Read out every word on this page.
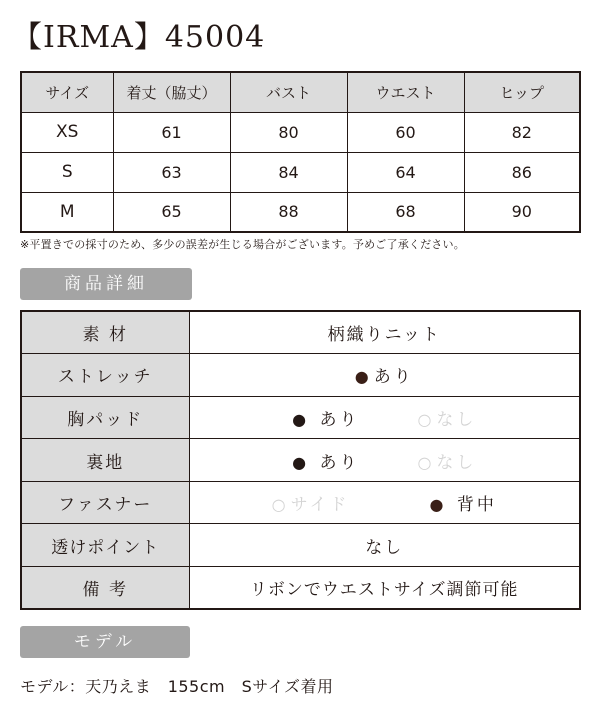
【IRMA】45004
サイズ	着丈（脇丈）	バスト	ウエスト	ヒップ
XS	61	80	60	82
S	63	84	64	86
M	65	88	68	90
※平置きでの採寸のため、多少の誤差が生じる場合がございます。予めご了承ください。
商品詳細
素 材	柄織りニット
ストレッチ	● あり
胸パッド	● あり ○ なし
裏地	● あり ○ なし
ファスナー	○ サイド ● 背中
透けポイント	なし
備 考	リボンでウエストサイズ調節可能
モデル
モデル：天乃えま　155cm　Sサイズ着用
